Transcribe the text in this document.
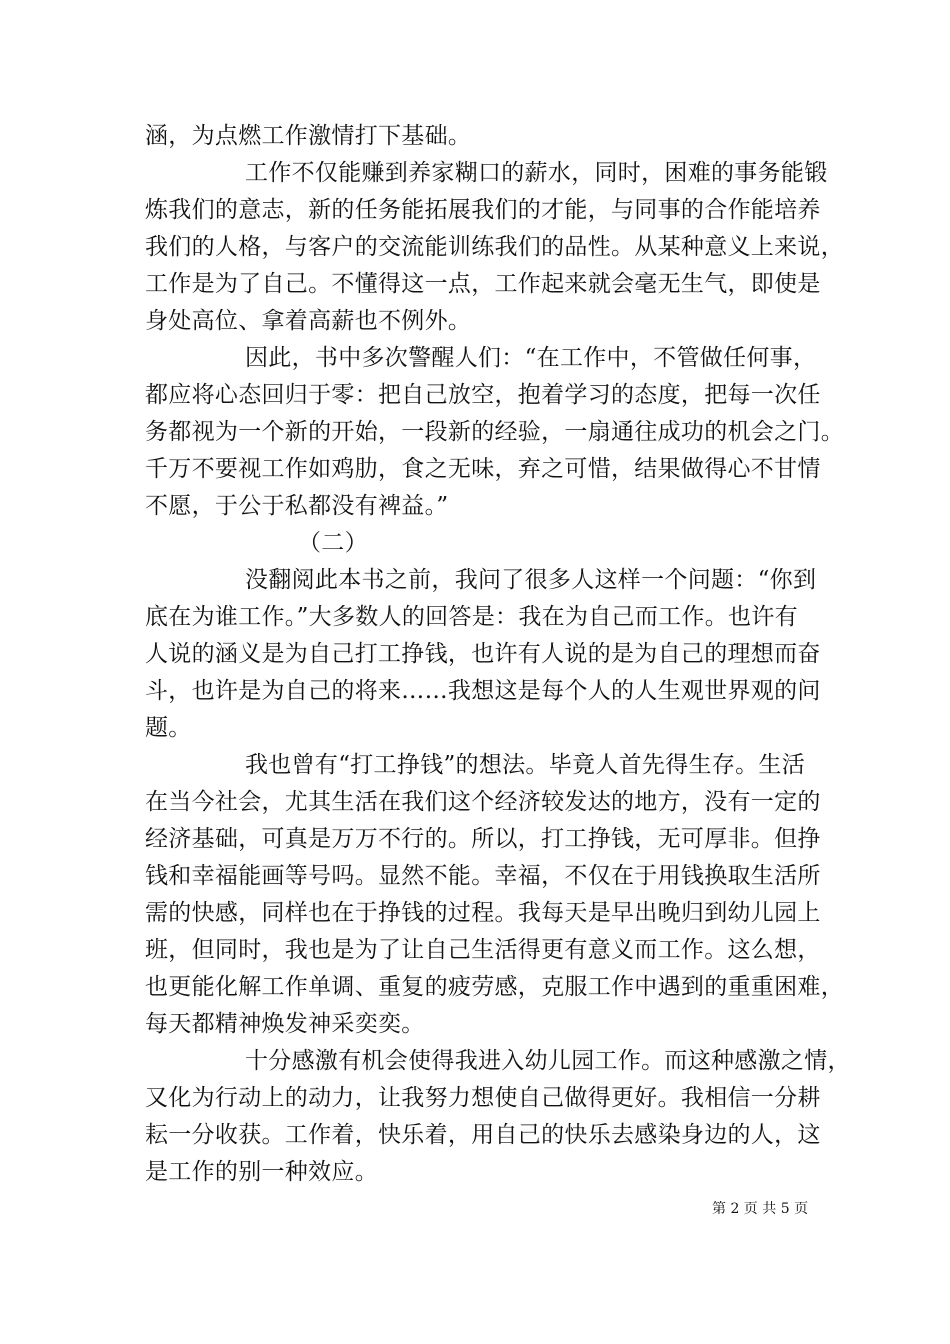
涵，为点燃工作激情打下基础。
工作不仅能赚到养家糊口的薪水，同时，困难的事务能锻
炼我们的意志，新的任务能拓展我们的才能，与同事的合作能培养
我们的人格，与客户的交流能训练我们的品性。从某种意义上来说，
工作是为了自己。不懂得这一点，工作起来就会毫无生气，即使是
身处高位、拿着高薪也不例外。
因此，书中多次警醒人们：“在工作中，不管做任何事，
都应将心态回归于零：把自己放空，抱着学习的态度，把每一次任
务都视为一个新的开始，一段新的经验，一扇通往成功的机会之门。
千万不要视工作如鸡肋，食之无味，弃之可惜，结果做得心不甘情
不愿，于公于私都没有裨益。”
（二）
没翻阅此本书之前，我问了很多人这样一个问题：“你到
底在为谁工作。”大多数人的回答是：我在为自己而工作。也许有
人说的涵义是为自己打工挣钱，也许有人说的是为自己的理想而奋
斗，也许是为自己的将来……我想这是每个人的人生观世界观的问
题。
我也曾有“打工挣钱”的想法。毕竟人首先得生存。生活
在当今社会，尤其生活在我们这个经济较发达的地方，没有一定的
经济基础，可真是万万不行的。所以，打工挣钱，无可厚非。但挣
钱和幸福能画等号吗。显然不能。幸福，不仅在于用钱换取生活所
需的快感，同样也在于挣钱的过程。我每天是早出晚归到幼儿园上
班，但同时，我也是为了让自己生活得更有意义而工作。这么想，
也更能化解工作单调、重复的疲劳感，克服工作中遇到的重重困难，
每天都精神焕发神采奕奕。
十分感激有机会使得我进入幼儿园工作。而这种感激之情，
又化为行动上的动力，让我努力想使自己做得更好。我相信一分耕
耘一分收获。工作着，快乐着，用自己的快乐去感染身边的人，这
是工作的别一种效应。
第 2 页 共 5 页
